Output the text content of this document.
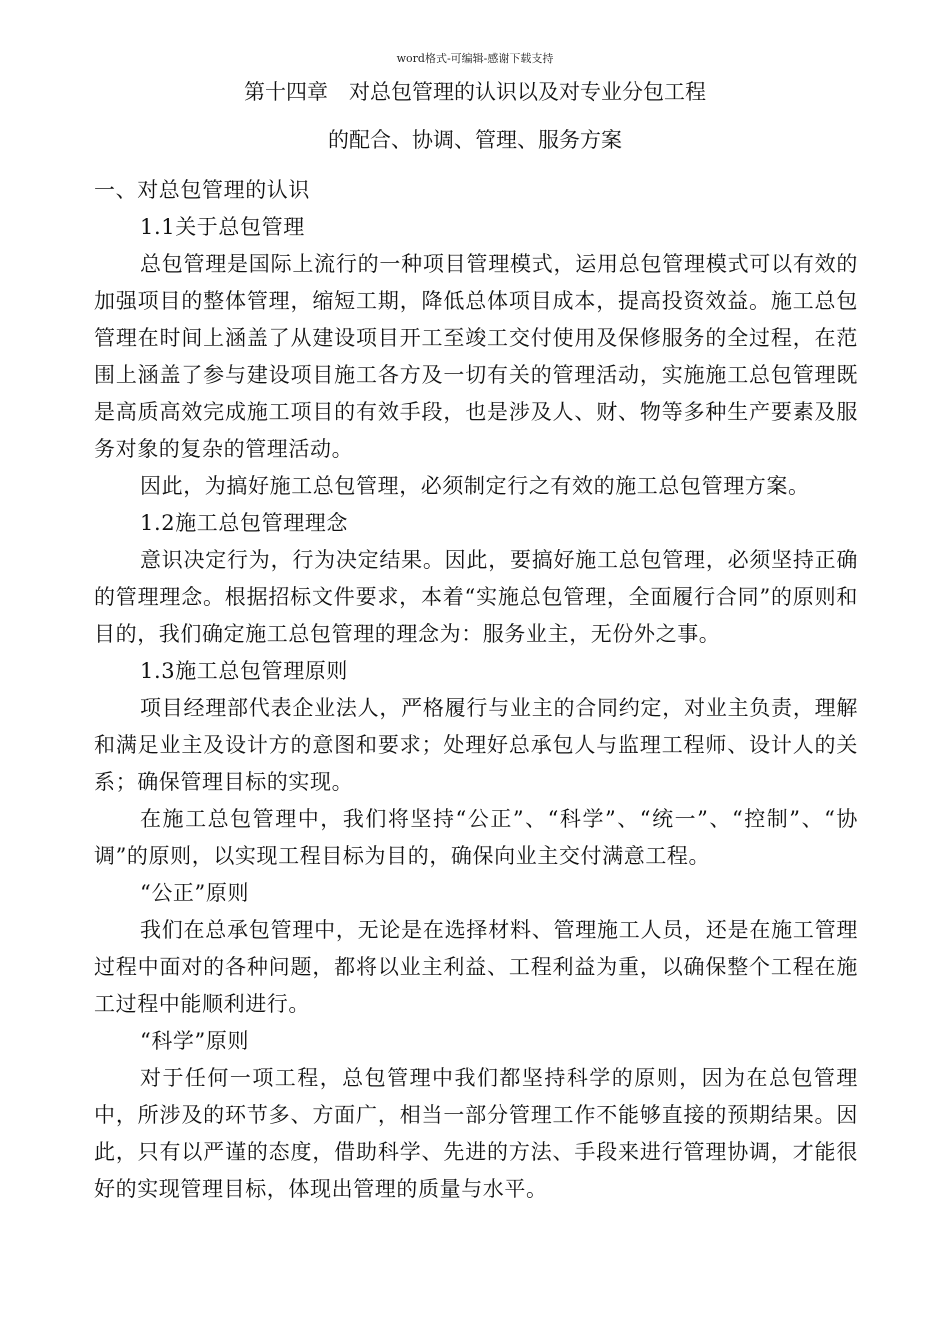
word格式-可编辑-感谢下载支持
第十四章　对总包管理的认识以及对专业分包工程
的配合、协调、管理、服务方案

一、对总包管理的认识

1.1关于总包管理

总包管理是国际上流行的一种项目管理模式，运用总包管理模式可以有效的加强项目的整体管理，缩短工期，降低总体项目成本，提高投资效益。施工总包管理在时间上涵盖了从建设项目开工至竣工交付使用及保修服务的全过程，在范围上涵盖了参与建设项目施工各方及一切有关的管理活动，实施施工总包管理既是高质高效完成施工项目的有效手段，也是涉及人、财、物等多种生产要素及服务对象的复杂的管理活动。

因此，为搞好施工总包管理，必须制定行之有效的施工总包管理方案。

1.2施工总包管理理念

意识决定行为，行为决定结果。因此，要搞好施工总包管理，必须坚持正确的管理理念。根据招标文件要求，本着“实施总包管理，全面履行合同”的原则和目的，我们确定施工总包管理的理念为：服务业主，无份外之事。

1.3施工总包管理原则

项目经理部代表企业法人，严格履行与业主的合同约定，对业主负责，理解和满足业主及设计方的意图和要求；处理好总承包人与监理工程师、设计人的关系；确保管理目标的实现。

在施工总包管理中，我们将坚持“公正”、“科学”、“统一”、“控制”、“协调”的原则，以实现工程目标为目的，确保向业主交付满意工程。

“公正”原则

我们在总承包管理中，无论是在选择材料、管理施工人员，还是在施工管理过程中面对的各种问题，都将以业主利益、工程利益为重，以确保整个工程在施工过程中能顺利进行。

“科学”原则

对于任何一项工程，总包管理中我们都坚持科学的原则，因为在总包管理中，所涉及的环节多、方面广，相当一部分管理工作不能够直接的预期结果。因此，只有以严谨的态度，借助科学、先进的方法、手段来进行管理协调，才能很好的实现管理目标，体现出管理的质量与水平。
